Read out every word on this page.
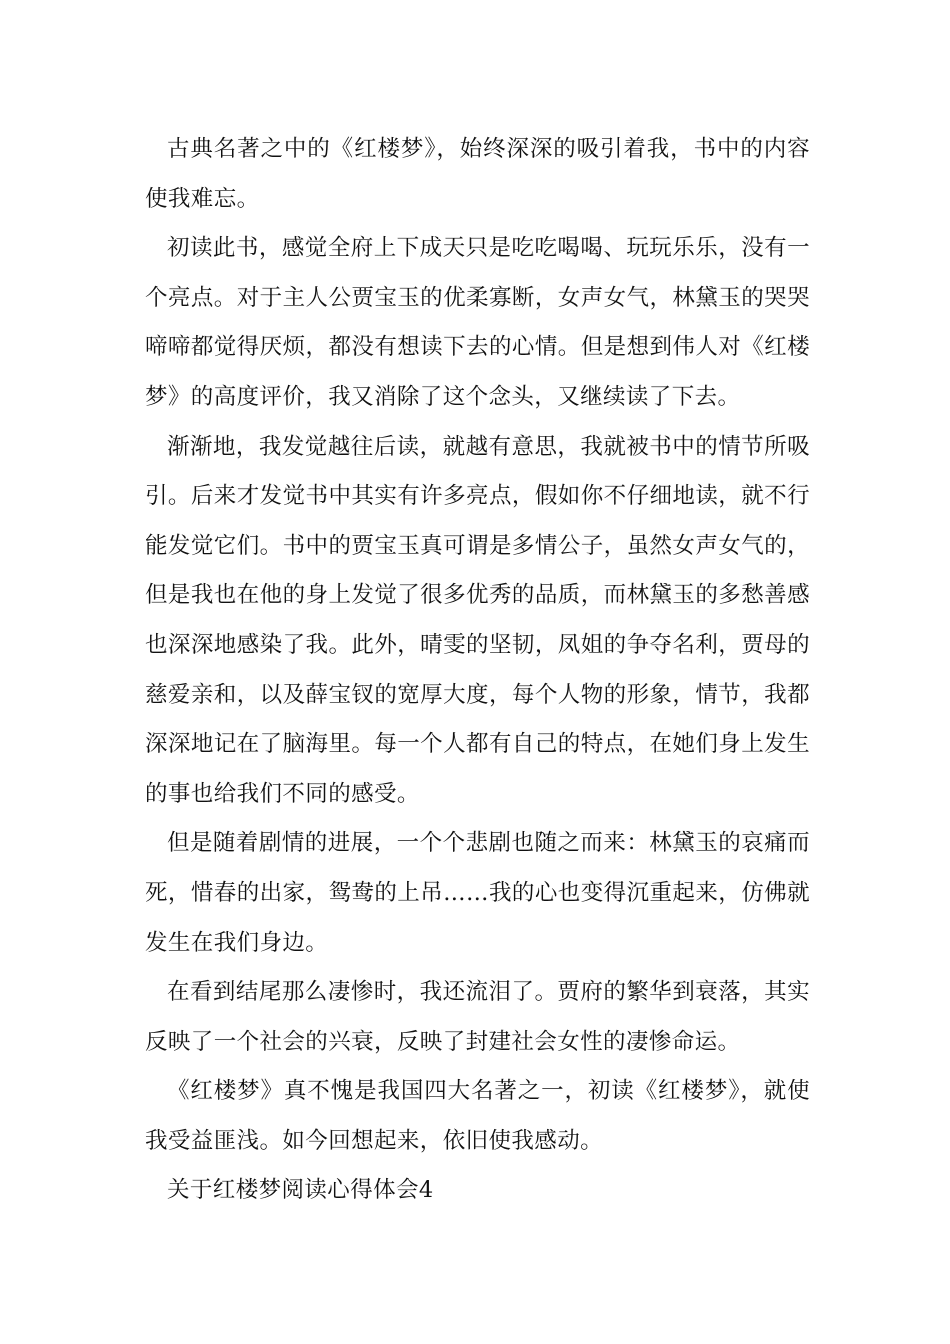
古典名著之中的《红楼梦》，始终深深的吸引着我，书中的内容使我难忘。

初读此书，感觉全府上下成天只是吃吃喝喝、玩玩乐乐，没有一个亮点。对于主人公贾宝玉的优柔寡断，女声女气，林黛玉的哭哭啼啼都觉得厌烦，都没有想读下去的心情。但是想到伟人对《红楼梦》的高度评价，我又消除了这个念头，又继续读了下去。

渐渐地，我发觉越往后读，就越有意思，我就被书中的情节所吸引。后来才发觉书中其实有许多亮点，假如你不仔细地读，就不行能发觉它们。书中的贾宝玉真可谓是多情公子，虽然女声女气的，但是我也在他的身上发觉了很多优秀的品质，而林黛玉的多愁善感也深深地感染了我。此外，晴雯的坚韧，凤姐的争夺名利，贾母的慈爱亲和，以及薛宝钗的宽厚大度，每个人物的形象，情节，我都深深地记在了脑海里。每一个人都有自己的特点，在她们身上发生的事也给我们不同的感受。

但是随着剧情的进展，一个个悲剧也随之而来：林黛玉的哀痛而死，惜春的出家，鸳鸯的上吊……我的心也变得沉重起来，仿佛就发生在我们身边。

在看到结尾那么凄惨时，我还流泪了。贾府的繁华到衰落，其实反映了一个社会的兴衰，反映了封建社会女性的凄惨命运。

《红楼梦》真不愧是我国四大名著之一，初读《红楼梦》，就使我受益匪浅。如今回想起来，依旧使我感动。

关于红楼梦阅读心得体会4
